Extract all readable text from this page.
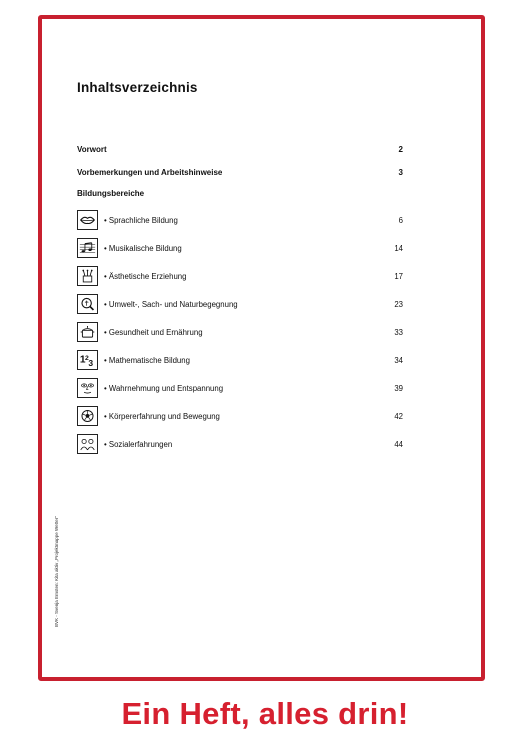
Inhaltsverzeichnis
Vorwort	2
Vorbemerkungen und Arbeitshinweise	3
Bildungsbereiche
• Sprachliche Bildung	6
• Musikalische Bildung	14
• Ästhetische Erziehung	17
• Umwelt-, Sach- und Naturbegegnung	23
• Gesundheit und Ernährung	33
1 2 3 • Mathematische Bildung	34
• Wahrnehmung und Entspannung	39
• Körpererfahrung und Bewegung	42
• Sozialerfahrungen	44
BVK - Svenja Ernsten: Kita aktiv „Projektmappe Wetter“
Ein Heft, alles drin!
